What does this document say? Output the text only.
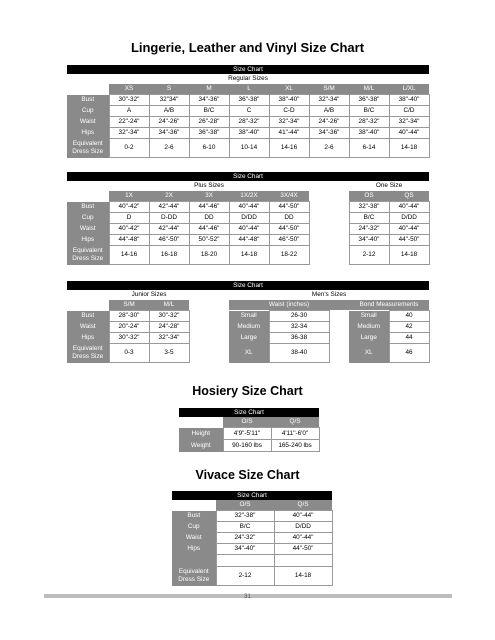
Lingerie, Leather and Vinyl Size Chart
Size Chart								
Regular Sizes								
	XS	S	M	L	XL	S/M	M/L	L/XL
Bust	30"-32"	32"34"	34"-36"	36"-38"	38"-40"	32"-34"	36"-38"	38"-40"
Cup	A	A/B	B/C	C	C-D	A/B	B/C	C/D
Waist	22"-24"	24"-26"	26"-28"	28"-32"	32"-34"	24"-26"	28"-32"	32"-34"
Hips	32"-34"	34"-36"	36"-38"	38"-40"	41"-44"	34"-36"	38"-40"	40"-44"
Equivalent
Dress Size	0-2	2-6	6-10	10-14	14-16	2-6	6-14	14-18
Size Chart								
	Plus Sizes						One Size	
	1X	2X	3X	1X/2X	3X/4X		OS	QS
Bust	40"-42"	42"-44"	44"-46"	40"-44"	44"-50"		32"-38"	40"-44"
Cup	D	D-DD	DD	D/DD	DD		B/C	D/DD
Waist	40"-42"	42"-44"	44"-46"	40"-44"	44"-50"		24"-32"	40"-44"
Hips	44"-48"	46"-50"	50"-52"	44"-48"	46"-50"		34"-40"	44"-50"
Equivalent
Dress Size	14-16	16-18	18-20	14-18	18-22		2-12	14-18
Size Chart								
	Junior Sizes			Men's Sizes				
	S/M	M/L		Waist (inches)			Bond Measurements	
Bust	28"-30"	30"-32"		Small	26-30		Small	40
Waist	20"-24"	24"-28"		Medium	32-34		Medium	42
Hips	30"-32"	32"-34"		Large	36-38		Large	44
Equivalent
Dress Size	0-3	3-5		XL	38-40		XL	46
Hosiery Size Chart
Size Chart		
	O/S	Q/S
Height	4'9"-5'11"	4'11"-6'0"
Weight	90-160 lbs	165-240 lbs
Vivace Size Chart
Size Chart		
	O/S	Q/S
Bust	32"-38"	40"-44"
Cup	B/C	D/DD
Waist	24"-32"	40"-44"
Hips	34"-40"	44"-50"

Equivalent
Dress Size	2-12	14-18
31
